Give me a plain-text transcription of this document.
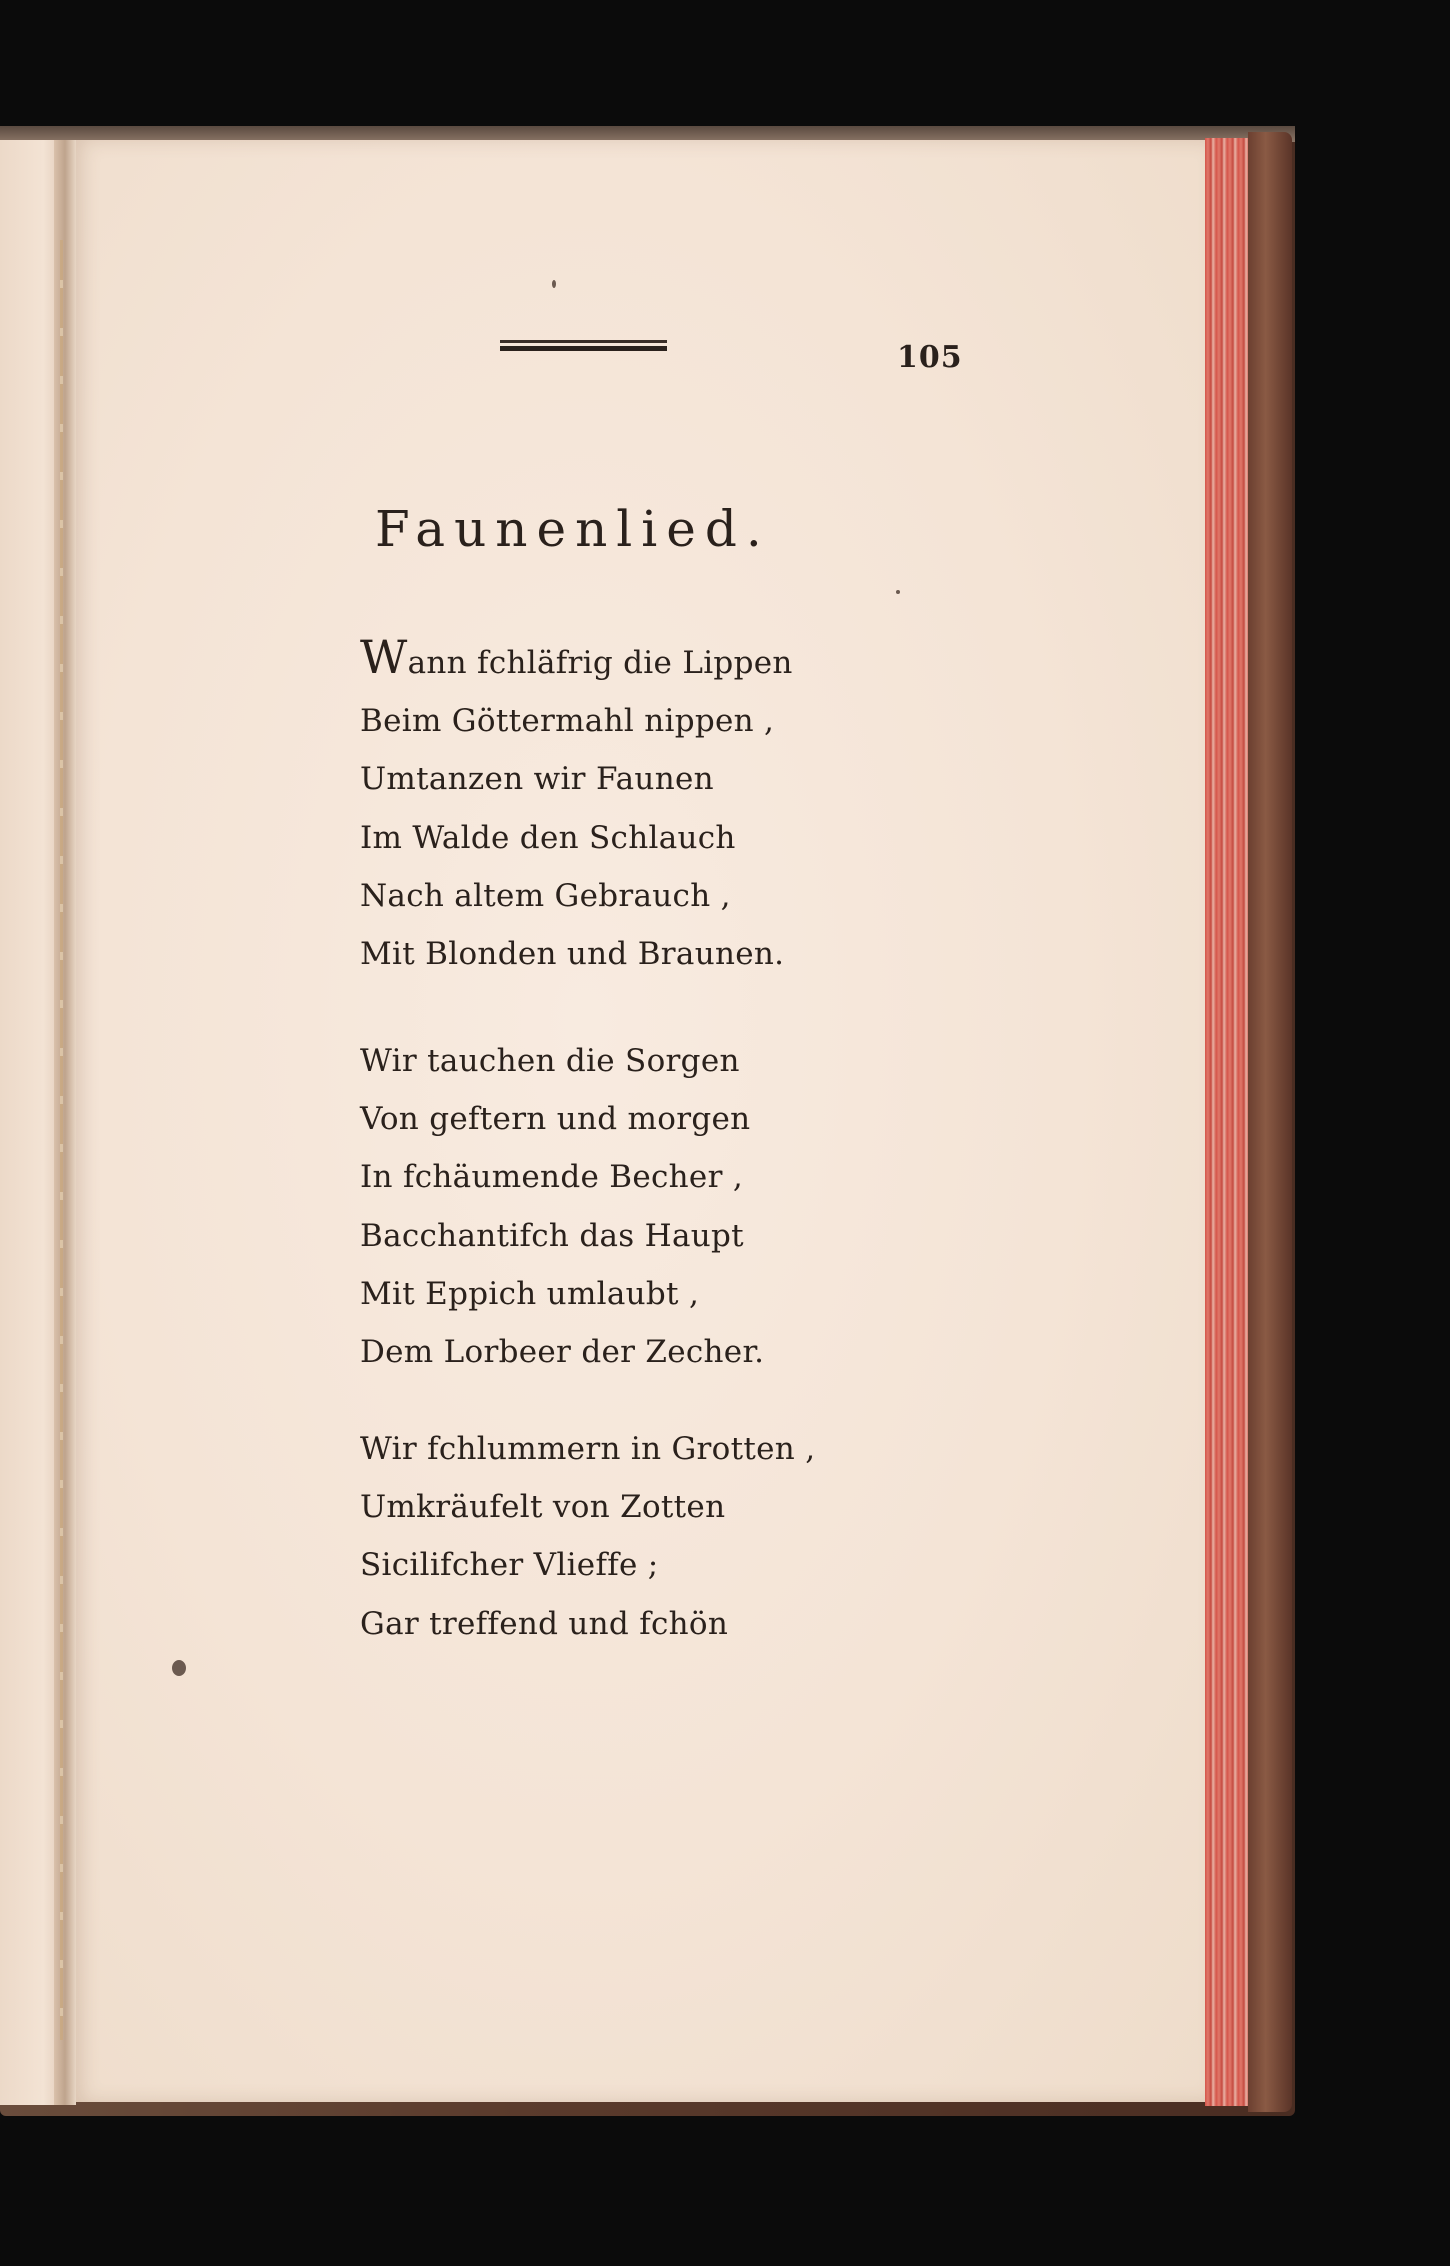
105
Faunenlied.
Wann fchläfrig die Lippen
Beim Göttermahl nippen ,
Umtanzen wir Faunen
Im Walde den Schlauch
Nach altem Gebrauch ,
Mit Blonden und Braunen.
Wir tauchen die Sorgen
Von geftern und morgen
In fchäumende Becher ,
Bacchantifch das Haupt
Mit Eppich umlaubt ,
Dem Lorbeer der Zecher.
Wir fchlummern in Grotten ,
Umkräufelt von Zotten
Sicilifcher Vlieffe ;
Gar treffend und fchön
